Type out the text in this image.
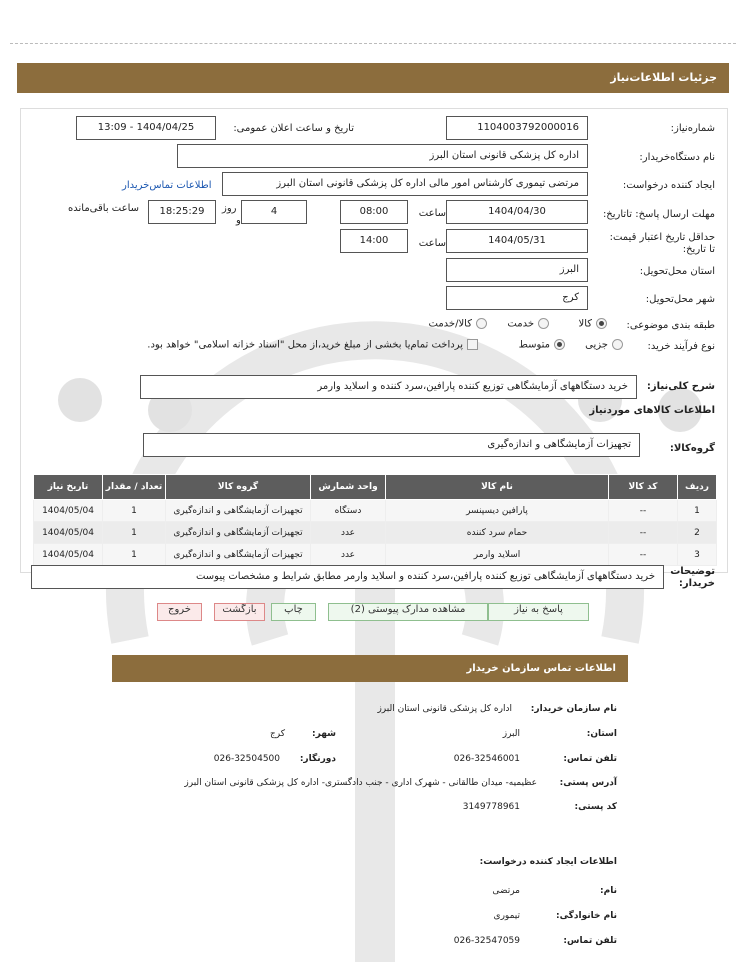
جزئیات اطلاعات‌نیاز
شماره‌نیاز:
1104003792000016
تاریخ و ساعت اعلان عمومی:
1404/04/25 - 13:09
نام دستگاه‌خریدار:
اداره کل پزشکی قانونی استان البرز
ایجاد کننده درخواست:
مرتضی تیموری کارشناس امور مالی اداره کل پزشکی قانونی استان البرز
اطلاعات تماس‌خریدار
مهلت ارسال پاسخ: تاتاریخ:
1404/04/30
ساعت
08:00
4
روز
و
18:25:29
ساعت باقی‌مانده
حداقل تاریخ اعتبار قیمت: تا تاریخ:
1404/05/31
ساعت
14:00
استان محل‌تحویل:
البرز
شهر محل‌تحویل:
کرج
طبقه بندی موضوعی:
کالا
خدمت
کالا/خدمت
نوع فرآیند خرید:
جزیی
متوسط
پرداخت تمام‌یا بخشی از مبلغ خرید،از محل "اسناد خزانه اسلامی" خواهد بود.
شرح کلی‌نیاز:
خرید دستگاههای آزمایشگاهی توزیع کننده پارافین،سرد کننده و اسلاید وارمر
اطلاعات کالاهای موردنیاز
گروه‌کالا:
تجهیزات آزمایشگاهی و اندازه‌گیری
ردیف	کد کالا	نام کالا	واحد شمارش	گروه کالا	تعداد / مقدار	تاریخ نیاز
1	--	پارافین دیسپنسر	دستگاه	تجهیزات آزمایشگاهی و اندازه‌گیری	1	1404/05/04
2	--	حمام سرد کننده	عدد	تجهیزات آزمایشگاهی و اندازه‌گیری	1	1404/05/04
3	--	اسلاید وارمر	عدد	تجهیزات آزمایشگاهی و اندازه‌گیری	1	1404/05/04
توضیحات
خریدار:
خرید دستگاههای آزمایشگاهی توزیع کننده پارافین،سرد کننده و اسلاید وارمر مطابق شرایط و مشخصات پیوست
پاسخ به نیاز
مشاهده مدارک پیوستی (2)
چاپ
بازگشت
خروج
اطلاعات تماس سازمان خریدار
نام سازمان خریدار:
اداره کل پزشکی قانونی استان البرز
استان:
البرز
شهر:
کرج
تلفن تماس:
026-32546001
دورنگار:
026-32504500
آدرس پستی:
عظیمیه- میدان طالقانی - شهرک اداری - جنب دادگستری- اداره کل پزشکی قانونی استان البرز
کد پستی:
3149778961
اطلاعات ایجاد کننده درخواست:
نام:
مرتضی
نام خانوادگی:
تیموری
تلفن تماس:
026-32547059
